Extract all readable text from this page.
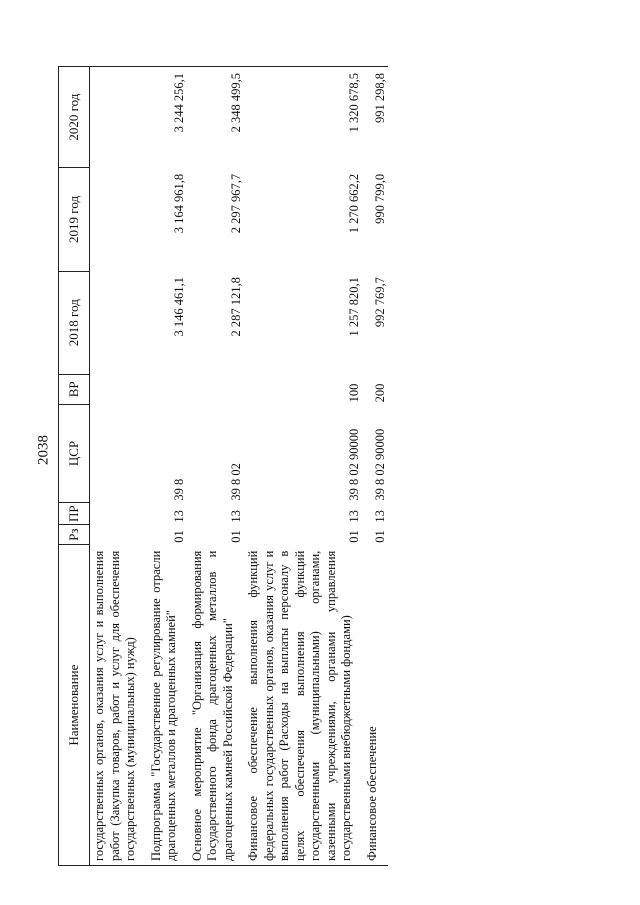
2038
Наименование	Рз	ПР	ЦСР	ВР	2018 год	2019 год	2020 год
государственных органов, оказания услуг и выполнения работ (Закупка товаров, работ и услуг для обеспечения государственных (муниципальных) нужд)							
Подпрограмма "Государственное регулирование отрасли драгоценных металлов и драгоценных камней"	01	13	39 8		3 146 461,1	3 164 961,8	3 244 256,1
Основное мероприятие "Организация формирования Государственного фонда драгоценных металлов и драгоценных камней Российской Федерации"	01	13	39 8 02		2 287 121,8	2 297 967,7	2 348 499,5
Финансовое обеспечение выполнения функций федеральных государственных органов, оказания услуг и выполнения работ (Расходы на выплаты персоналу в целях обеспечения выполнения функций государственными (муниципальными) органами, казенными учреждениями, органами управления государственными внебюджетными фондами)	01	13	39 8 02 90000	100	1 257 820,1	1 270 662,2	1 320 678,5
Финансовое обеспечение	01	13	39 8 02 90000	200	992 769,7	990 799,0	991 298,8
